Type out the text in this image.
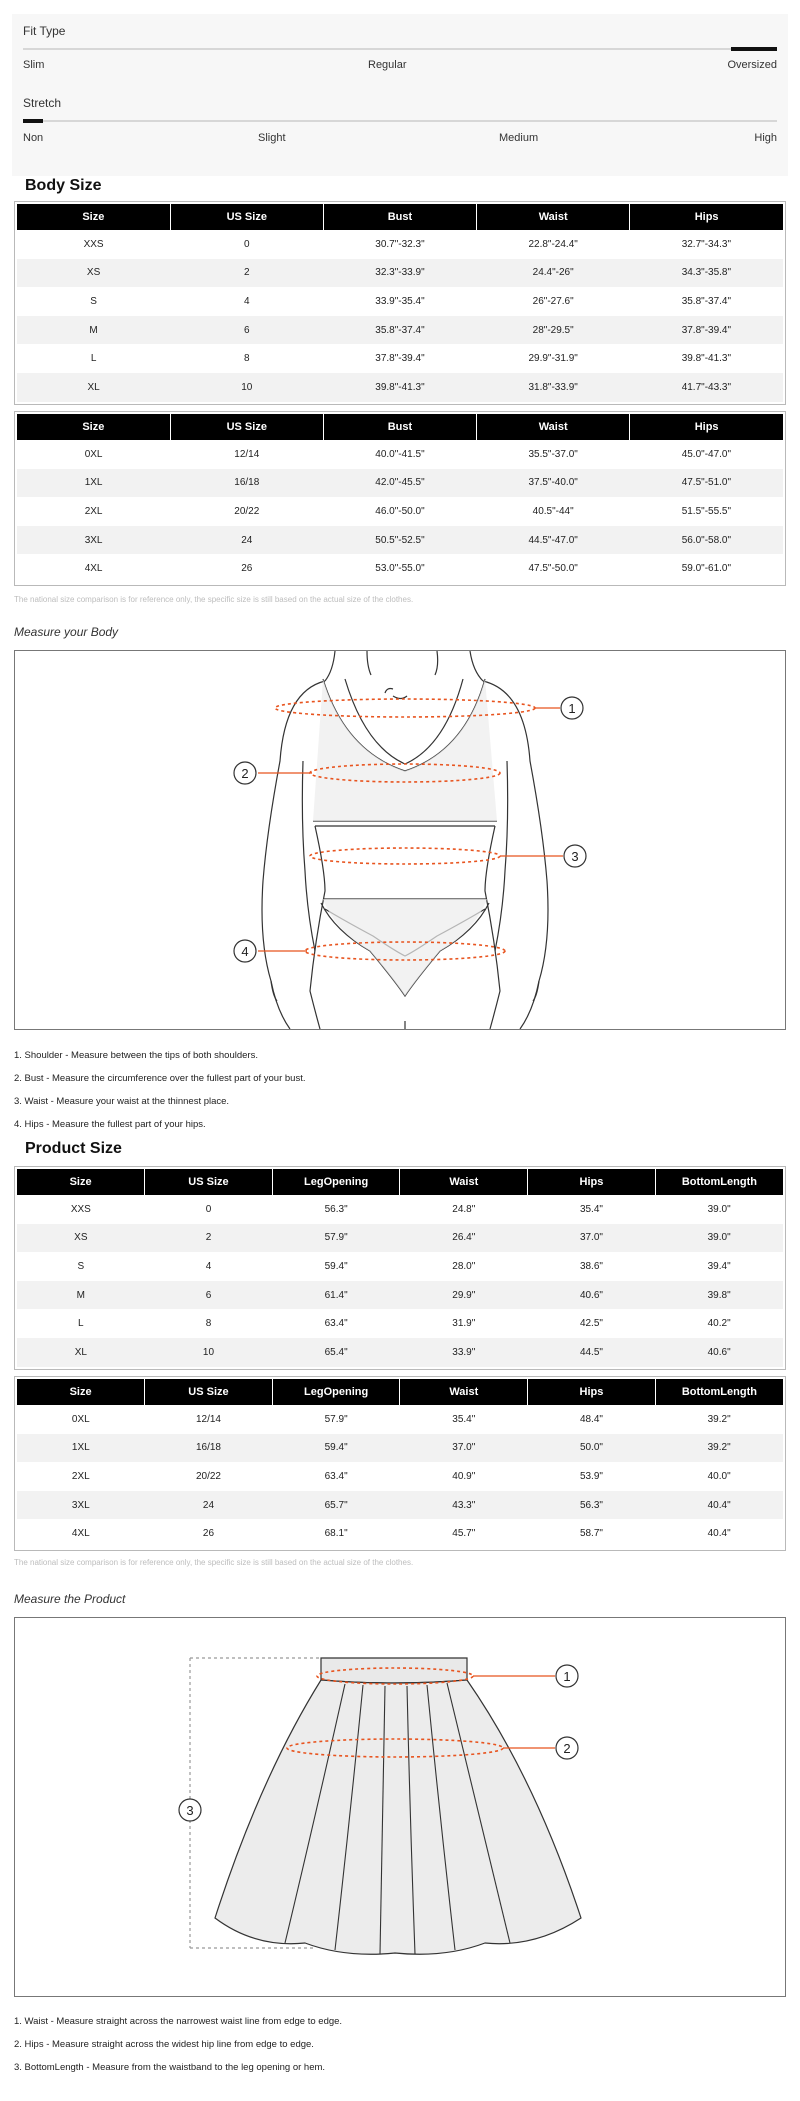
Fit Type
Slim	Regular	Oversized
Stretch
Non	Slight	Medium	High
Body Size
Size	US Size	Bust	Waist	Hips
XXS	0	30.7"-32.3"	22.8"-24.4"	32.7"-34.3"
XS	2	32.3"-33.9"	24.4"-26"	34.3"-35.8"
S	4	33.9"-35.4"	26"-27.6"	35.8"-37.4"
M	6	35.8"-37.4"	28"-29.5"	37.8"-39.4"
L	8	37.8"-39.4"	29.9"-31.9"	39.8"-41.3"
XL	10	39.8"-41.3"	31.8"-33.9"	41.7"-43.3"
Size	US Size	Bust	Waist	Hips
0XL	12/14	40.0"-41.5"	35.5"-37.0"	45.0"-47.0"
1XL	16/18	42.0"-45.5"	37.5"-40.0"	47.5"-51.0"
2XL	20/22	46.0"-50.0"	40.5"-44"	51.5"-55.5"
3XL	24	50.5"-52.5"	44.5"-47.0"	56.0"-58.0"
4XL	26	53.0"-55.0"	47.5"-50.0"	59.0"-61.0"
The national size comparison is for reference only, the specific size is still based on the actual size of the clothes.
Measure your Body
1
2
3
4
1. Shoulder - Measure between the tips of both shoulders.
2. Bust - Measure the circumference over the fullest part of your bust.
3. Waist - Measure your waist at the thinnest place.
4. Hips - Measure the fullest part of your hips.
Product Size
Size	US Size	LegOpening	Waist	Hips	BottomLength
XXS	0	56.3"	24.8"	35.4"	39.0"
XS	2	57.9"	26.4"	37.0"	39.0"
S	4	59.4"	28.0"	38.6"	39.4"
M	6	61.4"	29.9"	40.6"	39.8"
L	8	63.4"	31.9"	42.5"	40.2"
XL	10	65.4"	33.9"	44.5"	40.6"
Size	US Size	LegOpening	Waist	Hips	BottomLength
0XL	12/14	57.9"	35.4"	48.4"	39.2"
1XL	16/18	59.4"	37.0"	50.0"	39.2"
2XL	20/22	63.4"	40.9"	53.9"	40.0"
3XL	24	65.7"	43.3"	56.3"	40.4"
4XL	26	68.1"	45.7"	58.7"	40.4"
The national size comparison is for reference only, the specific size is still based on the actual size of the clothes.
Measure the Product
1
2
3
1. Waist - Measure straight across the narrowest waist line from edge to edge.
2. Hips - Measure straight across the widest hip line from edge to edge.
3. BottomLength - Measure from the waistband to the leg opening or hem.
